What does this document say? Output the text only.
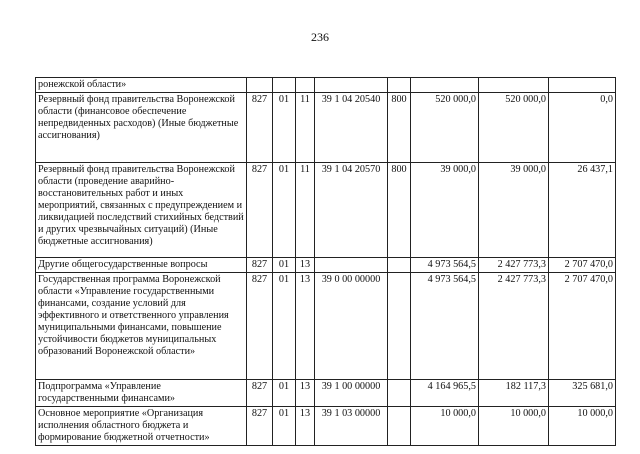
236
ронежской области»								
Резервный фонд правительства Воронежской области (финансовое обеспечение непредвиденных расходов) (Иные бюджетные ассигнования)	827	01	11	39 1 04 20540	800	520 000,0	520 000,0	0,0
Резервный фонд правительства Воронежской области (проведение аварийно-восстановительных работ и иных мероприятий, связанных с предупреждением и ликвидацией последствий стихийных бедствий и других чрезвычайных ситуаций) (Иные бюджетные ассигнования)	827	01	11	39 1 04 20570	800	39 000,0	39 000,0	26 437,1
Другие общегосударственные вопросы	827	01	13			4 973 564,5	2 427 773,3	2 707 470,0
Государственная программа Воронежской области «Управление государственными финансами, создание условий для эффективного и ответственного управления муниципальными финансами, повышение устойчивости бюджетов муниципальных образований Воронежской области»	827	01	13	39 0 00 00000		4 973 564,5	2 427 773,3	2 707 470,0
Подпрограмма «Управление государственными финансами»	827	01	13	39 1 00 00000		4 164 965,5	182 117,3	325 681,0
Основное мероприятие «Организация исполнения областного бюджета и формирование бюджетной отчетности»	827	01	13	39 1 03 00000		10 000,0	10 000,0	10 000,0
